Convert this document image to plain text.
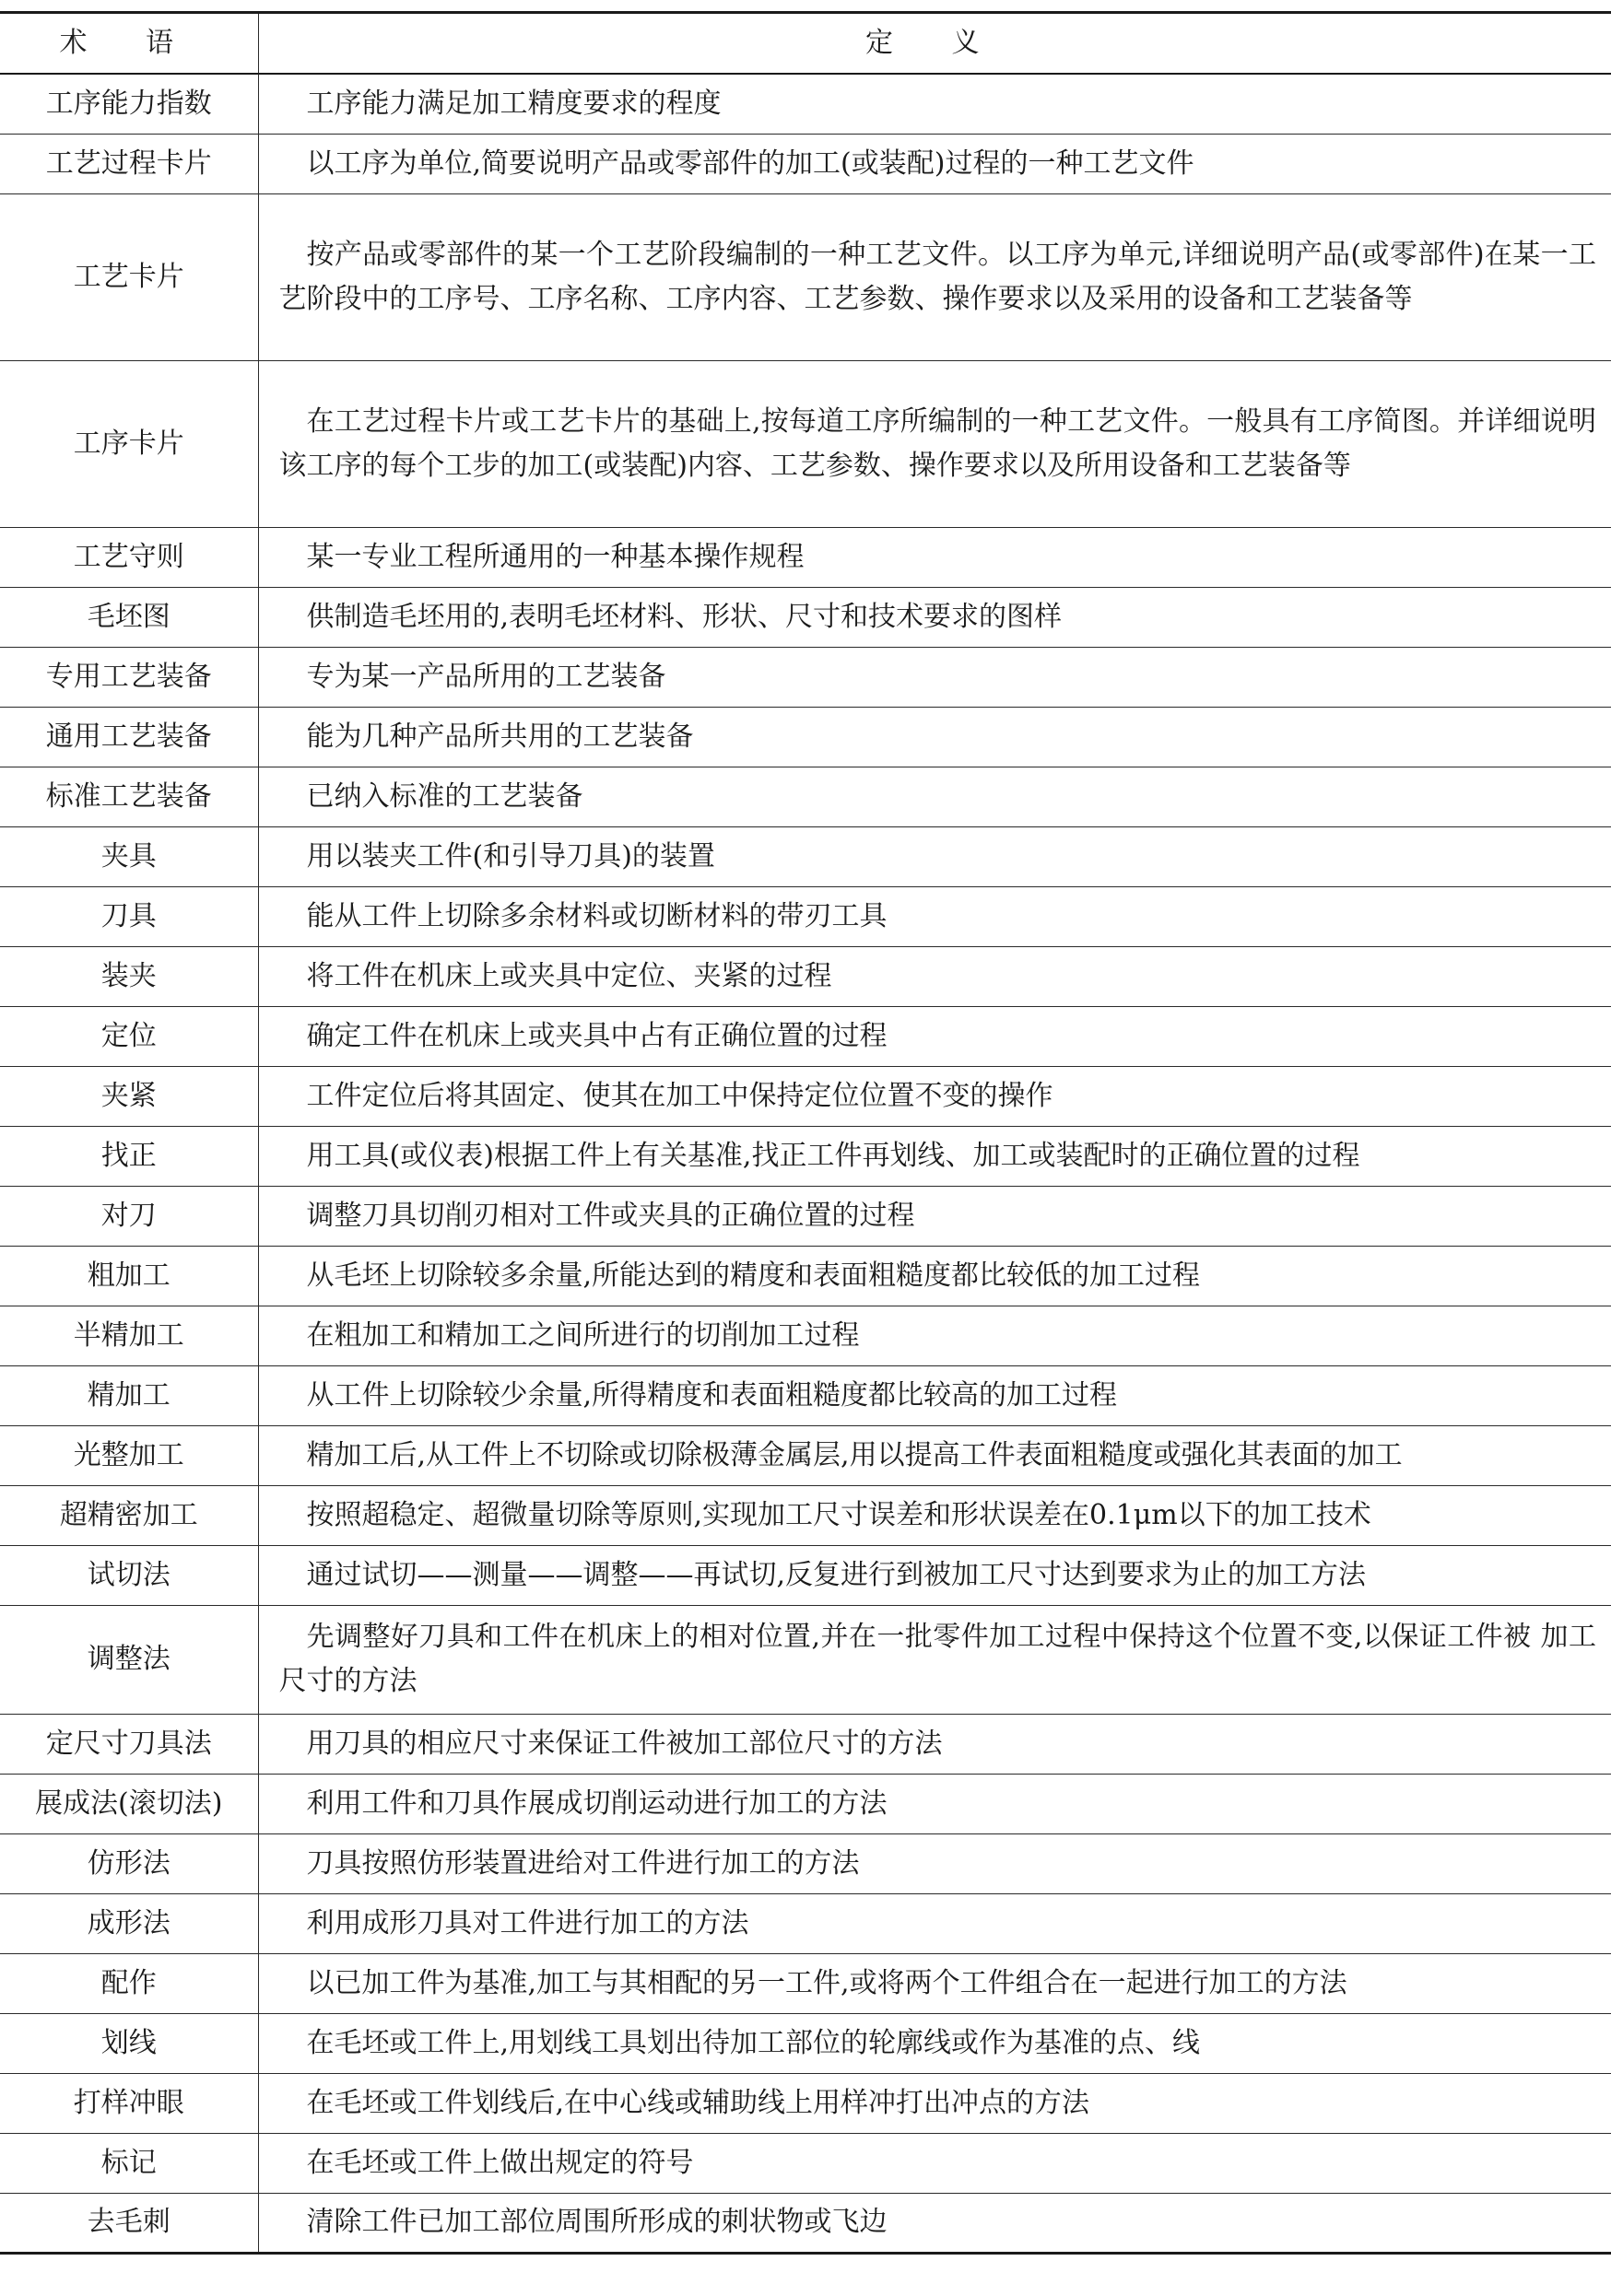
术 语	定 义
工序能力指数	工序能力满足加工精度要求的程度
工艺过程卡片	以工序为单位,简要说明产品或零部件的加工(或装配)过程的一种工艺文件
工艺卡片	按产品或零部件的某一个工艺阶段编制的一种工艺文件。以工序为单元,详细说明产品(或零部件)在某一工艺阶段中的工序号、工序名称、工序内容、工艺参数、操作要求以及采用的设备和工艺装备等
工序卡片	在工艺过程卡片或工艺卡片的基础上,按每道工序所编制的一种工艺文件。一般具有工序简图。并详细说明该工序的每个工步的加工(或装配)内容、工艺参数、操作要求以及所用设备和工艺装备等
工艺守则	某一专业工程所通用的一种基本操作规程
毛坯图	供制造毛坯用的,表明毛坯材料、形状、尺寸和技术要求的图样
专用工艺装备	专为某一产品所用的工艺装备
通用工艺装备	能为几种产品所共用的工艺装备
标准工艺装备	已纳入标准的工艺装备
夹具	用以装夹工件(和引导刀具)的装置
刀具	能从工件上切除多余材料或切断材料的带刃工具
装夹	将工件在机床上或夹具中定位、夹紧的过程
定位	确定工件在机床上或夹具中占有正确位置的过程
夹紧	工件定位后将其固定、使其在加工中保持定位位置不变的操作
找正	用工具(或仪表)根据工件上有关基准,找正工件再划线、加工或装配时的正确位置的过程
对刀	调整刀具切削刃相对工件或夹具的正确位置的过程
粗加工	从毛坯上切除较多余量,所能达到的精度和表面粗糙度都比较低的加工过程
半精加工	在粗加工和精加工之间所进行的切削加工过程
精加工	从工件上切除较少余量,所得精度和表面粗糙度都比较高的加工过程
光整加工	精加工后,从工件上不切除或切除极薄金属层,用以提高工件表面粗糙度或强化其表面的加工
超精密加工	按照超稳定、超微量切除等原则,实现加工尺寸误差和形状误差在0.1μm以下的加工技术
试切法	通过试切——测量——调整——再试切,反复进行到被加工尺寸达到要求为止的加工方法
调整法	先调整好刀具和工件在机床上的相对位置,并在一批零件加工过程中保持这个位置不变,以保证工件被 加工尺寸的方法
定尺寸刀具法	用刀具的相应尺寸来保证工件被加工部位尺寸的方法
展成法(滚切法)	利用工件和刀具作展成切削运动进行加工的方法
仿形法	刀具按照仿形装置进给对工件进行加工的方法
成形法	利用成形刀具对工件进行加工的方法
配作	以已加工件为基准,加工与其相配的另一工件,或将两个工件组合在一起进行加工的方法
划线	在毛坯或工件上,用划线工具划出待加工部位的轮廓线或作为基准的点、线
打样冲眼	在毛坯或工件划线后,在中心线或辅助线上用样冲打出冲点的方法
标记	在毛坯或工件上做出规定的符号
去毛刺	清除工件已加工部位周围所形成的刺状物或飞边
